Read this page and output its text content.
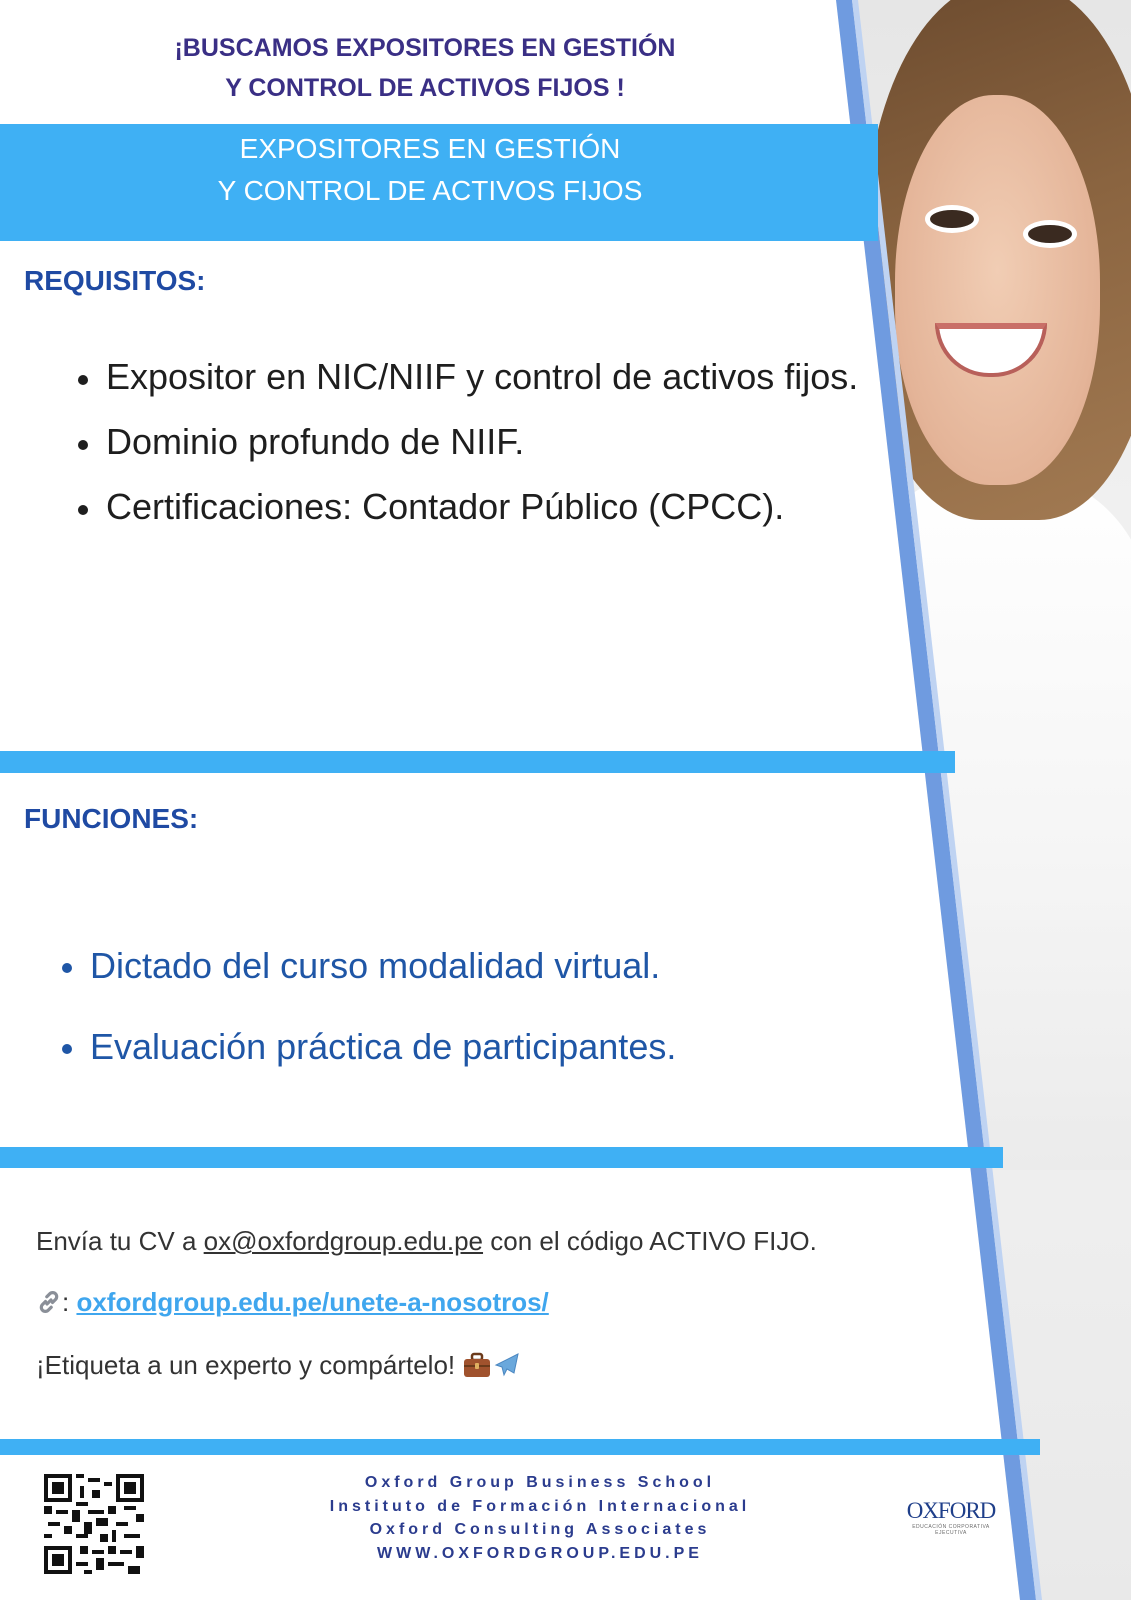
¡BUSCAMOS EXPOSITORES EN GESTIÓN
Y CONTROL DE ACTIVOS FIJOS !
EXPOSITORES EN GESTIÓN
Y CONTROL DE ACTIVOS FIJOS
REQUISITOS:
Expositor en NIC/NIIF y control de activos fijos.
Dominio profundo de NIIF.
Certificaciones: Contador Público (CPCC).
FUNCIONES:
Dictado del curso modalidad virtual.
Evaluación práctica de participantes.
Envía tu CV a ox@oxfordgroup.edu.pe con el código ACTIVO FIJO.
: oxfordgroup.edu.pe/unete-a-nosotros/
¡Etiqueta a un experto y compártelo!
Oxford Group Business School
Instituto de Formación Internacional
Oxford Consulting Associates
WWW.OXFORDGROUP.EDU.PE
OXFORD
EDUCACIÓN CORPORATIVA EJECUTIVA
